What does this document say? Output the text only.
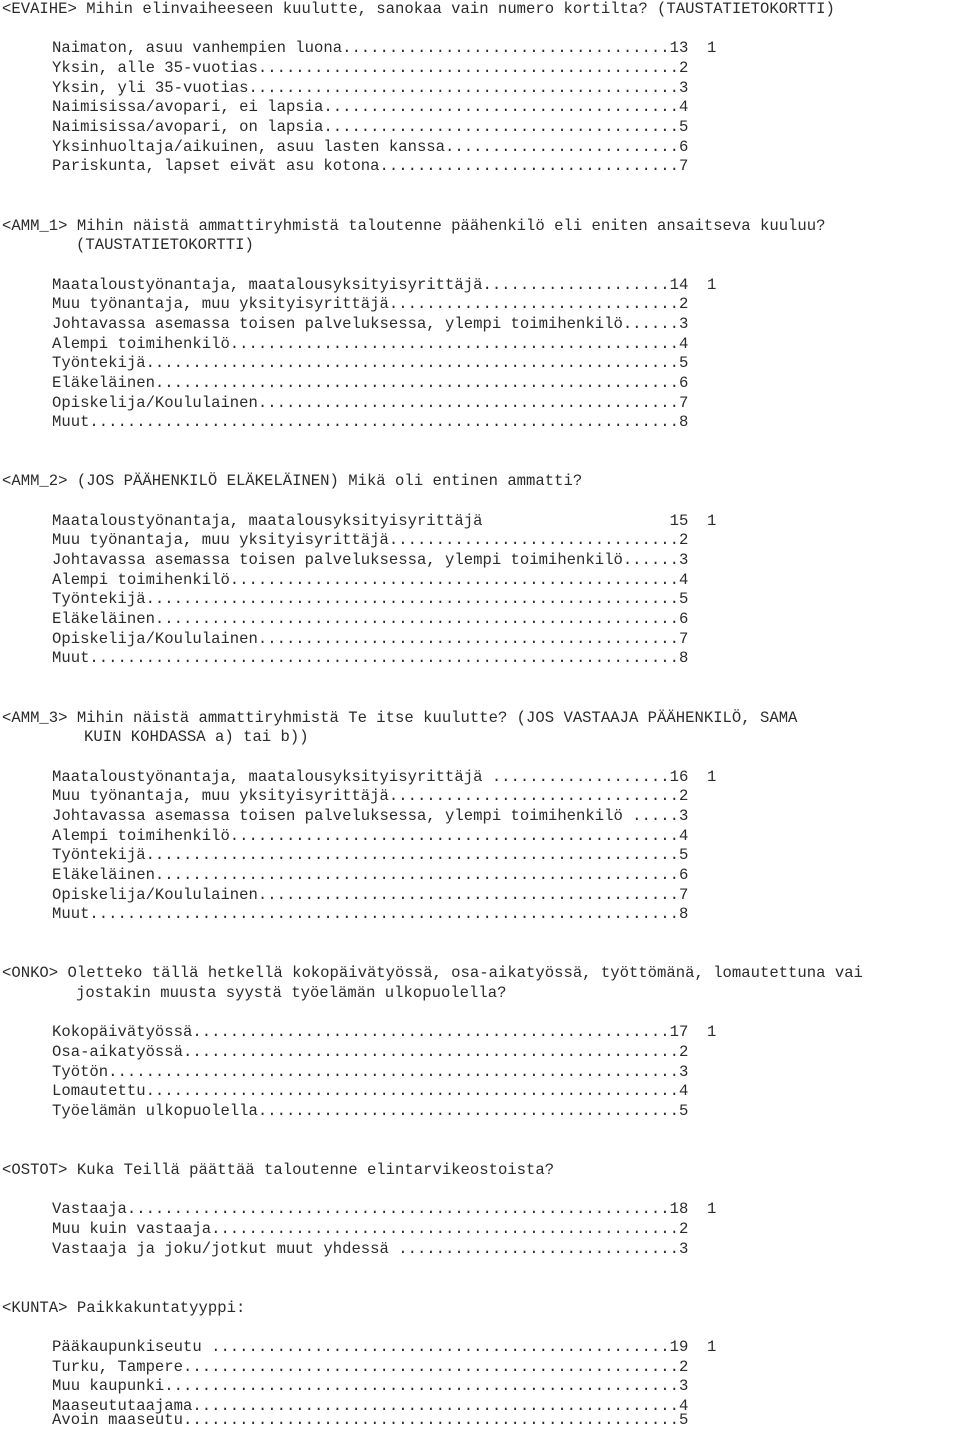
<EVAIHE> Mihin elinvaiheeseen kuulutte, sanokaa vain numero kortilta? (TAUSTATIETOKORTTI)
Naimaton, asuu vanhempien luona...................................13  1
Yksin, alle 35-vuotias.............................................2
Yksin, yli 35-vuotias..............................................3
Naimisissa/avopari, ei lapsia......................................4
Naimisissa/avopari, on lapsia......................................5
Yksinhuoltaja/aikuinen, asuu lasten kanssa.........................6
Pariskunta, lapset eivät asu kotona................................7
<AMM_1> Mihin näistä ammattiryhmistä taloutenne päähenkilö eli eniten ansaitseva kuuluu?
(TAUSTATIETOKORTTI)
Maataloustyönantaja, maatalousyksityisyrittäjä....................14  1
Muu työnantaja, muu yksityisyrittäjä...............................2
Johtavassa asemassa toisen palveluksessa, ylempi toimihenkilö......3
Alempi toimihenkilö................................................4
Työntekijä.........................................................5
Eläkeläinen........................................................6
Opiskelija/Koululainen.............................................7
Muut...............................................................8
<AMM_2> (JOS PÄÄHENKILÖ ELÄKELÄINEN) Mikä oli entinen ammatti?
Maataloustyönantaja, maatalousyksityisyrittäjä                    15  1
Muu työnantaja, muu yksityisyrittäjä...............................2
Johtavassa asemassa toisen palveluksessa, ylempi toimihenkilö......3
Alempi toimihenkilö................................................4
Työntekijä.........................................................5
Eläkeläinen........................................................6
Opiskelija/Koululainen.............................................7
Muut...............................................................8
<AMM_3> Mihin näistä ammattiryhmistä Te itse kuulutte? (JOS VASTAAJA PÄÄHENKILÖ, SAMA
KUIN KOHDASSA a) tai b))
Maataloustyönantaja, maatalousyksityisyrittäjä ...................16  1
Muu työnantaja, muu yksityisyrittäjä...............................2
Johtavassa asemassa toisen palveluksessa, ylempi toimihenkilö .....3
Alempi toimihenkilö................................................4
Työntekijä.........................................................5
Eläkeläinen........................................................6
Opiskelija/Koululainen.............................................7
Muut...............................................................8
<ONKO> Oletteko tällä hetkellä kokopäivätyössä, osa-aikatyössä, työttömänä, lomautettuna vai
jostakin muusta syystä työelämän ulkopuolella?
Kokopäivätyössä...................................................17  1
Osa-aikatyössä.....................................................2
Työtön.............................................................3
Lomautettu.........................................................4
Työelämän ulkopuolella.............................................5
<OSTOT> Kuka Teillä päättää taloutenne elintarvikeostoista?
Vastaaja..........................................................18  1
Muu kuin vastaaja..................................................2
Vastaaja ja joku/jotkut muut yhdessä ..............................3
<KUNTA> Paikkakuntatyyppi:
Pääkaupunkiseutu .................................................19  1
Turku, Tampere.....................................................2
Muu kaupunki.......................................................3
Maaseututaajama....................................................4
Avoin maaseutu.....................................................5
